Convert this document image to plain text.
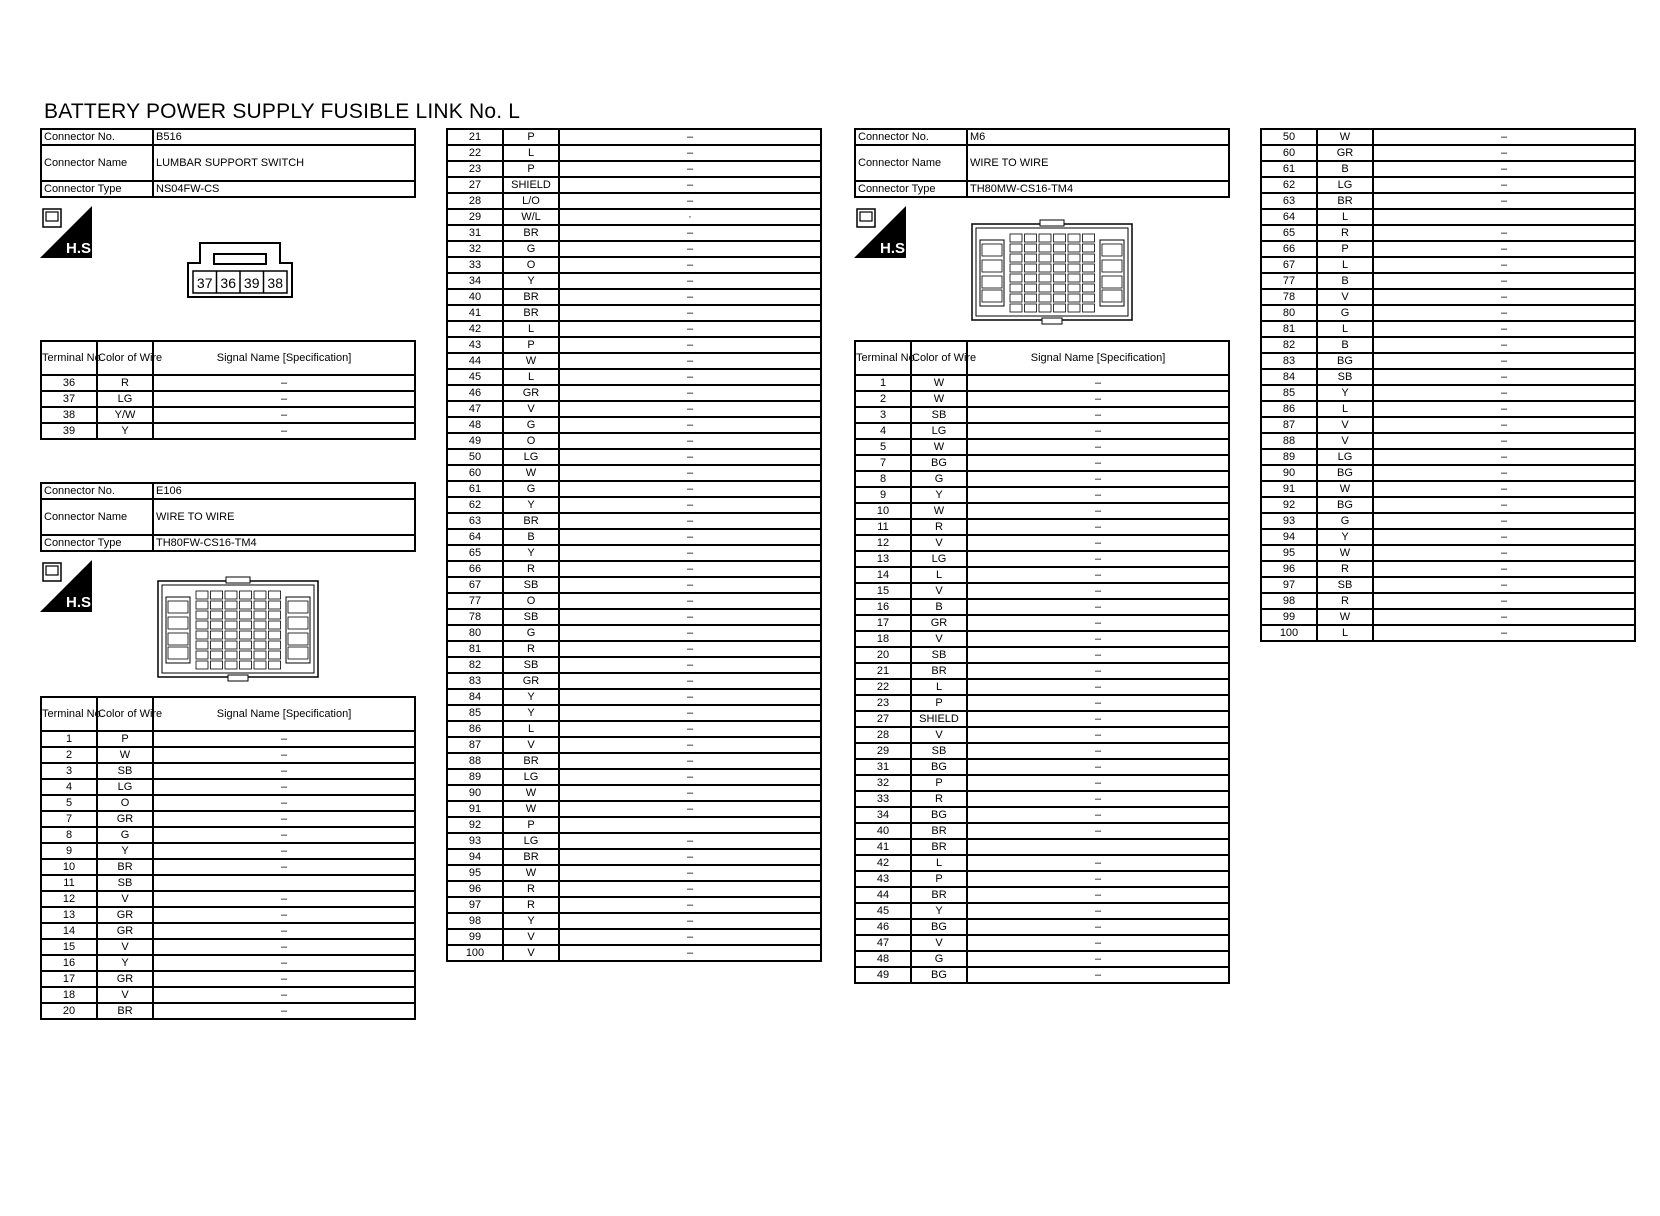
BATTERY POWER SUPPLY FUSIBLE LINK No. L
Connector No.	B516
Connector Name	LUMBAR SUPPORT SWITCH
Connector Type	NS04FW-CS
H.S.
37 36 39 38
Terminal No.	Color of Wire	Signal Name [Specification]
36	R	–
37	LG	–
38	Y/W	–
39	Y	–
Connector No.	E106
Connector Name	WIRE TO WIRE
Connector Type	TH80FW-CS16-TM4
H.S.
Terminal No.	Color of Wire	Signal Name [Specification]
1	P	–
2	W	–
3	SB	–
4	LG	–
5	O	–
7	GR	–
8	G	–
9	Y	–
10	BR	–
11	SB	
12	V	–
13	GR	–
14	GR	–
15	V	–
16	Y	–
17	GR	–
18	V	–
20	BR	–
21	P	–
22	L	–
23	P	–
27	SHIELD	–
28	L/O	–
29	W/L	·
31	BR	–
32	G	–
33	O	–
34	Y	–
40	BR	–
41	BR	–
42	L	–
43	P	–
44	W	–
45	L	–
46	GR	–
47	V	–
48	G	–
49	O	–
50	LG	–
60	W	–
61	G	–
62	Y	–
63	BR	–
64	B	–
65	Y	–
66	R	–
67	SB	–
77	O	–
78	SB	–
80	G	–
81	R	–
82	SB	–
83	GR	–
84	Y	–
85	Y	–
86	L	–
87	V	–
88	BR	–
89	LG	–
90	W	–
91	W	–
92	P	
93	LG	–
94	BR	–
95	W	–
96	R	–
97	R	–
98	Y	–
99	V	–
100	V	–
Connector No.	M6
Connector Name	WIRE TO WIRE
Connector Type	TH80MW-CS16-TM4
H.S.
Terminal No.	Color of Wire	Signal Name [Specification]
1	W	–
2	W	–
3	SB	–
4	LG	–
5	W	–
7	BG	–
8	G	–
9	Y	–
10	W	–
11	R	–
12	V	–
13	LG	–
14	L	–
15	V	–
16	B	–
17	GR	–
18	V	–
20	SB	–
21	BR	–
22	L	–
23	P	–
27	SHIELD	–
28	V	–
29	SB	–
31	BG	–
32	P	–
33	R	–
34	BG	–
40	BR	–
41	BR	
42	L	–
43	P	–
44	BR	–
45	Y	–
46	BG	–
47	V	–
48	G	–
49	BG	–
50	W	–
60	GR	–
61	B	–
62	LG	–
63	BR	–
64	L	
65	R	–
66	P	–
67	L	–
77	B	–
78	V	–
80	G	–
81	L	–
82	B	–
83	BG	–
84	SB	–
85	Y	–
86	L	–
87	V	–
88	V	–
89	LG	–
90	BG	–
91	W	–
92	BG	–
93	G	–
94	Y	–
95	W	–
96	R	–
97	SB	–
98	R	–
99	W	–
100	L	–
